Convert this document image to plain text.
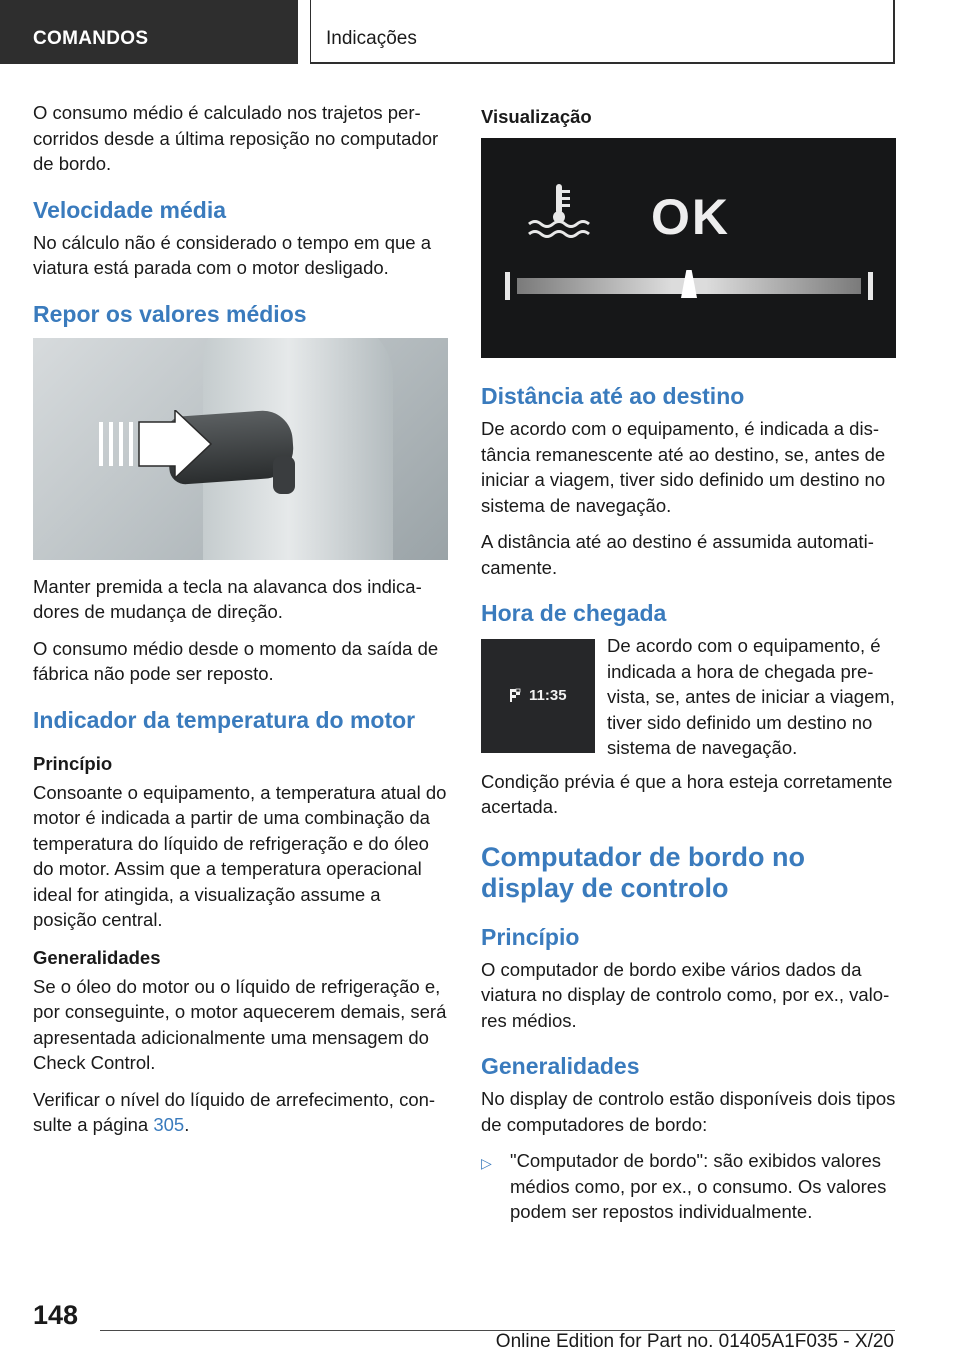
COMANDOS	Indicações

O consumo médio é calculado nos trajetos percorridos desde a última reposição no computador de bordo.

Velocidade média

No cálculo não é considerado o tempo em que a viatura está parada com o motor desligado.

Repor os valores médios

Manter premida a tecla na alavanca dos indicadores de mudança de direção.

O consumo médio desde o momento da saída de fábrica não pode ser reposto.

Indicador da temperatura do motor
Princípio

Consoante o equipamento, a temperatura atual do motor é indicada a partir de uma combinação da temperatura do líquido de refrigeração e do óleo do motor. Assim que a temperatura operacional ideal for atingida, a visualização assume a posição central.

Generalidades

Se o óleo do motor ou o líquido de refrigeração e, por conseguinte, o motor aquecerem demais, será apresentada adicionalmente uma mensagem do Check Control.

Verificar o nível do líquido de arrefecimento, consulte a página 305.

Visualização
OK
Distância até ao destino

De acordo com o equipamento, é indicada a distância remanescente até ao destino, se, antes de iniciar a viagem, tiver sido definido um destino no sistema de navegação.

A distância até ao destino é assumida automaticamente.

Hora de chegada
11:35

De acordo com o equipamento, é indicada a hora de chegada prevista, se, antes de iniciar a viagem, tiver sido definido um destino no sistema de navegação.

Condição prévia é que a hora esteja corretamente acertada.

Computador de bordo no display de controlo
Princípio

O computador de bordo exibe vários dados da viatura no display de controlo como, por ex., valores médios.

Generalidades

No display de controlo estão disponíveis dois tipos de computadores de bordo:

▷ "Computador de bordo": são exibidos valores médios como, por ex., o consumo. Os valores podem ser repostos individualmente.
148
Online Edition for Part no. 01405A1F035 - X/20
